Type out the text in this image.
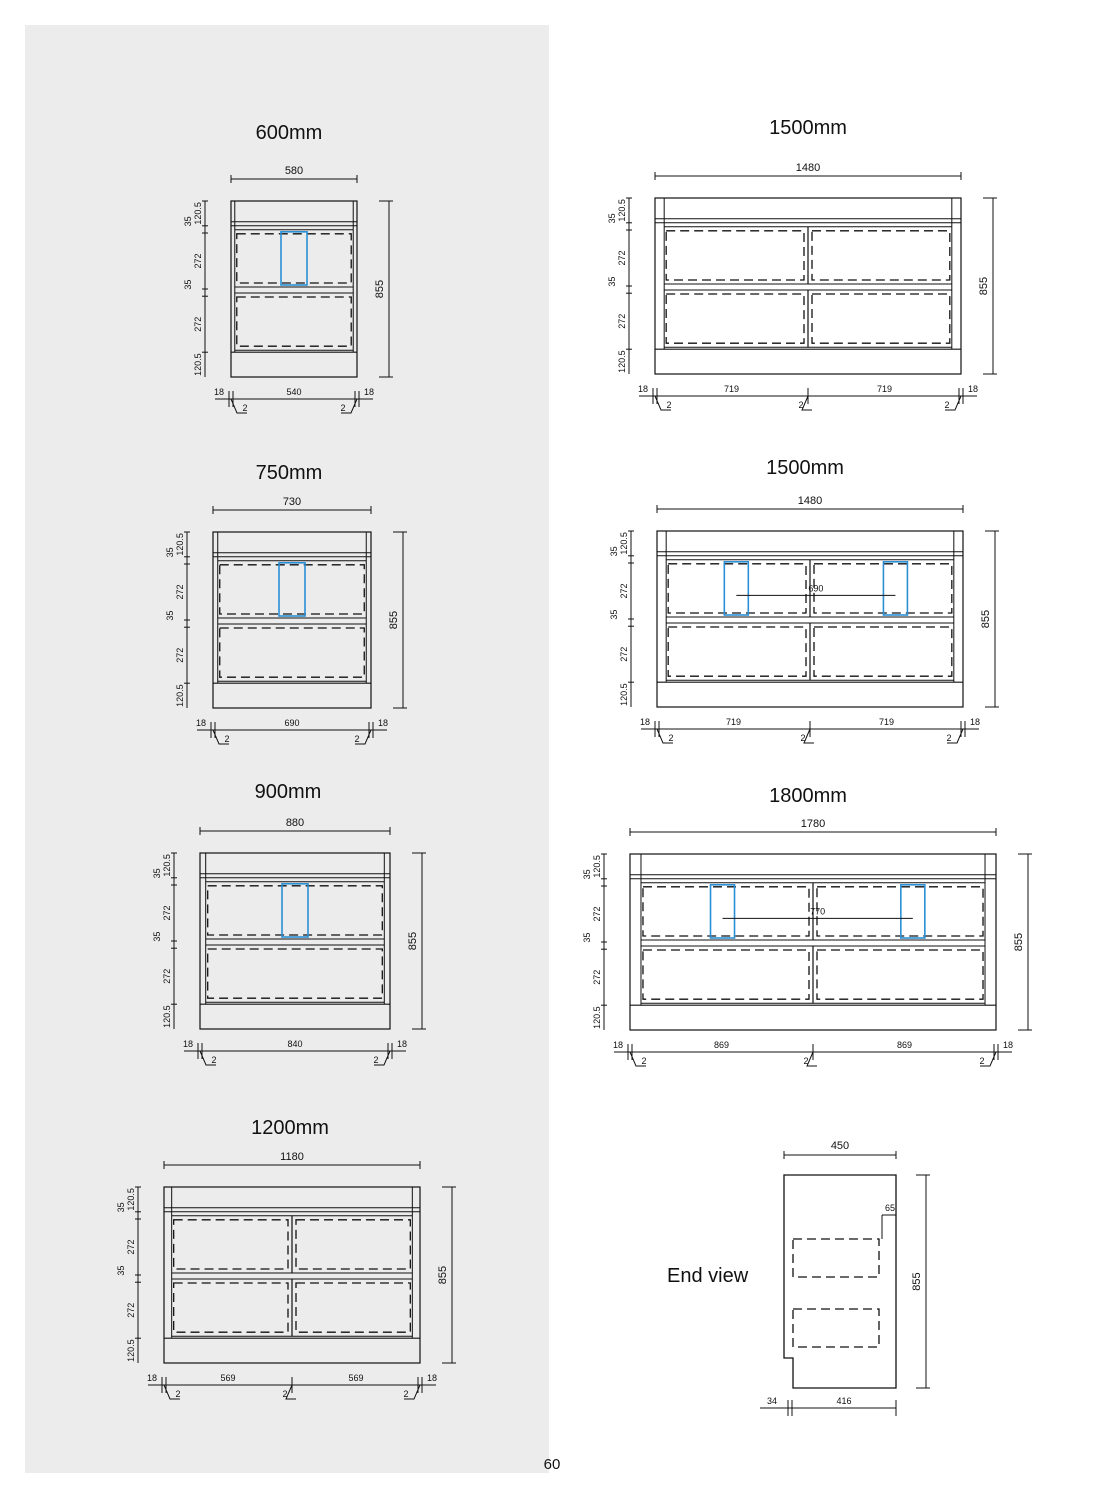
600mm
580
855
120.5
35
272
35
272
120.5
18	18
540
2	2
750mm
730
855
120.5
35
272
35
272
120.5
18	18
690
2	2
900mm
880
855
120.5
35
272
35
272
120.5
18	18
840
2	2
1200mm
1180
855
120.5
35
272
35
272
120.5
18	18
569	569
2
2	2
1500mm
1480
855
120.5
35
272
35
272
120.5
18	18
719	719
2
2	2
1500mm
690
1480
855
120.5
35
272
35
272
120.5
18	18
719	719
2
2	2
1800mm
770
1780
855
120.5
35
272
35
272
120.5
18	18
869	869
2
2	2
End view
65
450
855
34	416
60
